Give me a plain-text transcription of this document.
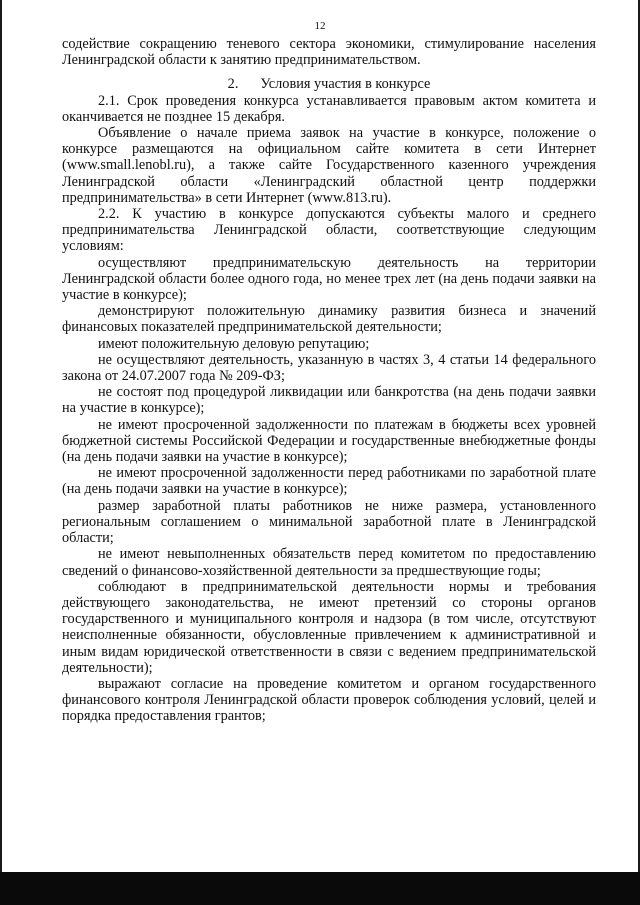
12

содействие сокращению теневого сектора экономики, стимулирование населения Ленинградской области к занятию предпринимательством.

2. Условия участия в конкурсе

2.1. Срок проведения конкурса устанавливается правовым актом комитета и оканчивается не позднее 15 декабря.

Объявление о начале приема заявок на участие в конкурсе, положение о конкурсе размещаются на официальном сайте комитета в сети Интернет (www.small.lenobl.ru), а также сайте Государственного казенного учреждения Ленинградской области «Ленинградский областной центр поддержки предпринимательства» в сети Интернет (www.813.ru).

2.2. К участию в конкурсе допускаются субъекты малого и среднего предпринимательства Ленинградской области, соответствующие следующим условиям:

осуществляют предпринимательскую деятельность на территории Ленинградской области более одного года, но менее трех лет (на день подачи заявки на участие в конкурсе);

демонстрируют положительную динамику развития бизнеса и значений финансовых показателей предпринимательской деятельности;

имеют положительную деловую репутацию;

не осуществляют деятельность, указанную в частях 3, 4 статьи 14 федерального закона от 24.07.2007 года № 209-ФЗ;

не состоят под процедурой ликвидации или банкротства (на день подачи заявки на участие в конкурсе);

не имеют просроченной задолженности по платежам в бюджеты всех уровней бюджетной системы Российской Федерации и государственные внебюджетные фонды (на день подачи заявки на участие в конкурсе);

не имеют просроченной задолженности перед работниками по заработной плате (на день подачи заявки на участие в конкурсе);

размер заработной платы работников не ниже размера, установленного региональным соглашением о минимальной заработной плате в Ленинградской области;

не имеют невыполненных обязательств перед комитетом по предоставлению сведений о финансово-хозяйственной деятельности за предшествующие годы;

соблюдают в предпринимательской деятельности нормы и требования действующего законодательства, не имеют претензий со стороны органов государственного и муниципального контроля и надзора (в том числе, отсутствуют неисполненные обязанности, обусловленные привлечением к административной и иным видам юридической ответственности в связи с ведением предпринимательской деятельности);

выражают согласие на проведение комитетом и органом государственного финансового контроля Ленинградской области проверок соблюдения условий, целей и порядка предоставления грантов;
